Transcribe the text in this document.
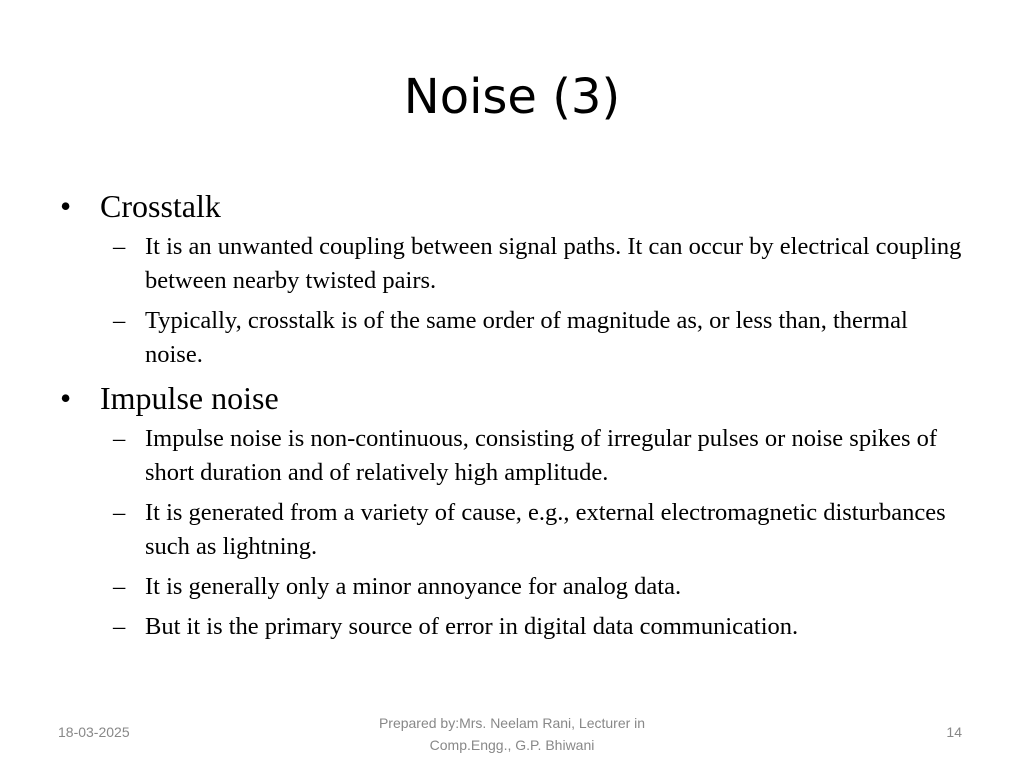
Noise (3)
• Crosstalk
– It is an unwanted coupling between signal paths. It can occur by electrical coupling between nearby twisted pairs.
– Typically, crosstalk is of the same order of magnitude as, or less than, thermal noise.
• Impulse noise
– Impulse noise is non-continuous, consisting of irregular pulses or noise spikes of short duration and of relatively high amplitude.
– It is generated from a variety of cause, e.g., external electromagnetic disturbances such as lightning.
– It is generally only a minor annoyance for analog data.
– But it is the primary source of error in digital data communication.
18-03-2025
Prepared by:Mrs. Neelam Rani, Lecturer in
Comp.Engg., G.P. Bhiwani
14
